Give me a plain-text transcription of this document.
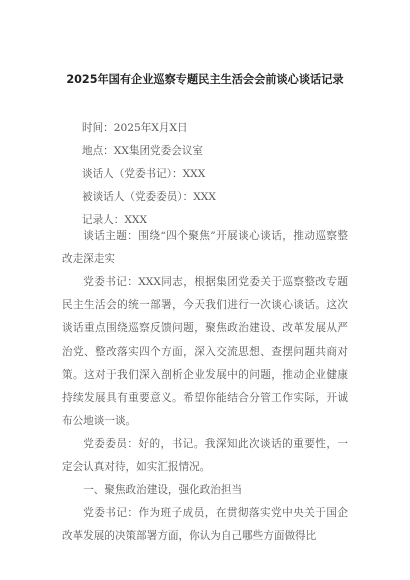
2025年国有企业巡察专题民主生活会会前谈心谈话记录
时间：2025年X月X日
地点：XX集团党委会议室
谈话人（党委书记）：XXX
被谈话人（党委委员）：XXX
记录人：XXX

谈话主题：围绕“四个聚焦”开展谈心谈话，推动巡察整改走深走实

党委书记：XXX同志，根据集团党委关于巡察整改专题民主生活会的统一部署，今天我们进行一次谈心谈话。这次谈话重点围绕巡察反馈问题，聚焦政治建设、改革发展从严治党、整改落实四个方面，深入交流思想、查摆问题共商对策。这对于我们深入剖析企业发展中的问题，推动企业健康持续发展具有重要意义。希望你能结合分管工作实际，开诚布公地谈一谈。

党委委员：好的，书记。我深知此次谈话的重要性，一定会认真对待，如实汇报情况。

一、聚焦政治建设，强化政治担当

党委书记：作为班子成员，在贯彻落实党中央关于国企改革发展的决策部署方面，你认为自己哪些方面做得比
